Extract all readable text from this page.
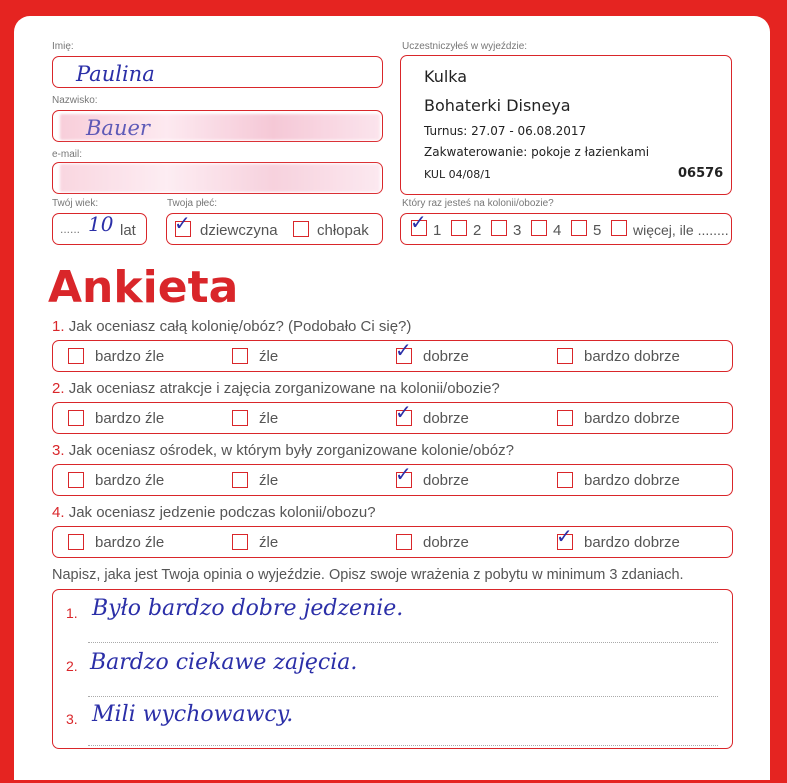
Imię:
Paulina
Nazwisko:
Bauer
e-mail:
Twój wiek:
...... 10 lat
Twoja płeć:
✓ dziewczyna	chłopak
Uczestniczyłeś w wyjeździe:
Kulka
Bohaterki Disneya
Turnus: 27.07 - 06.08.2017
Zakwaterowanie: pokoje z łazienkami
KUL 04/08/1	06576
Który raz jesteś na kolonii/obozie?
✓ 1 2 3 4 5 więcej, ile ........
Ankieta
1. Jak oceniasz całą kolonię/obóz? (Podobało Ci się?)
bardzo źle	źle	✓ dobrze	bardzo dobrze
2. Jak oceniasz atrakcje i zajęcia zorganizowane na kolonii/obozie?
bardzo źle	źle	✓ dobrze	bardzo dobrze
3. Jak oceniasz ośrodek, w którym były zorganizowane kolonie/obóz?
bardzo źle	źle	✓ dobrze	bardzo dobrze
4. Jak oceniasz jedzenie podczas kolonii/obozu?
bardzo źle	źle	dobrze	✓ bardzo dobrze
Napisz, jaka jest Twoja opinia o wyjeździe. Opisz swoje wrażenia z pobytu w minimum 3 zdaniach.
1. Było bardzo dobre jedzenie.
2. Bardzo ciekawe zajęcia.
3. Mili wychowawcy.
